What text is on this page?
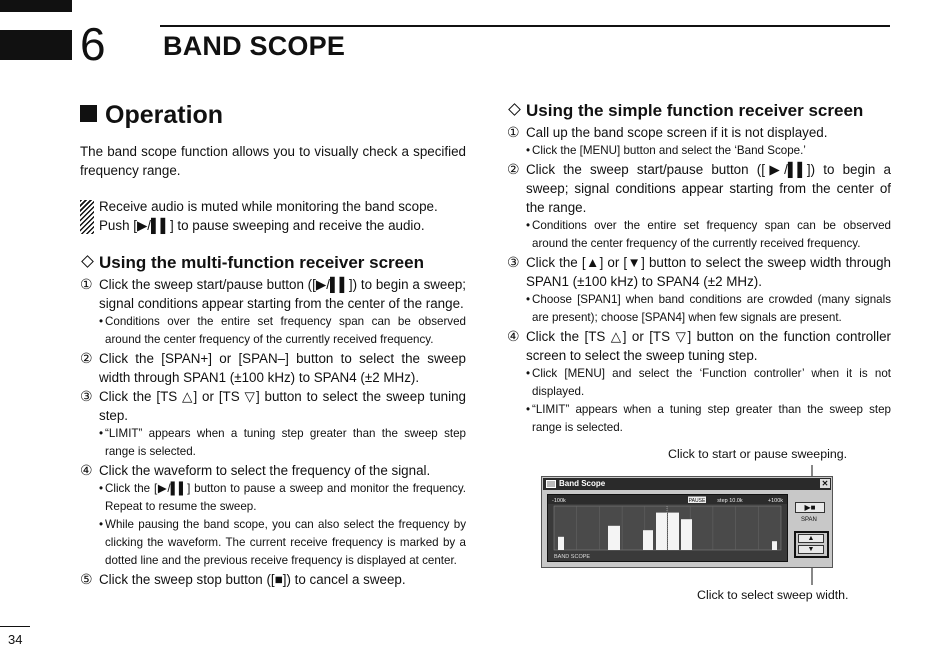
6 BAND SCOPE
Operation

The band scope function allows you to visually check a specified frequency range.

Receive audio is muted while monitoring the band scope. Push [▶/▌▌] to pause sweeping and receive the audio.
Using the multi-function receiver screen
① Click the sweep start/pause button ([▶/▌▌]) to begin a sweep; signal conditions appear starting from the center of the range.
• Conditions over the entire set frequency span can be observed around the center frequency of the currently received frequency.
② Click the [SPAN+] or [SPAN–] button to select the sweep width through SPAN1 (±100 kHz) to SPAN4 (±2 MHz).
③ Click the [TS △] or [TS ▽] button to select the sweep tuning step.
• “LIMIT” appears when a tuning step greater than the sweep step range is selected.
④ Click the waveform to select the frequency of the signal.
• Click the [▶/▌▌] button to pause a sweep and monitor the frequency. Repeat to resume the sweep.
• While pausing the band scope, you can also select the frequency by clicking the waveform. The current receive frequency is marked by a dotted line and the previous receive frequency is displayed at center.
⑤ Click the sweep stop button ([■]) to cancel a sweep.
Using the simple function receiver screen
① Call up the band scope screen if it is not displayed.
• Click the [MENU] button and select the ‘Band Scope.’
② Click the sweep start/pause button ([▶/▌▌]) to begin a sweep; signal conditions appear starting from the center of the range.
• Conditions over the entire set frequency span can be observed around the center frequency of the currently received frequency.
③ Click the [▲] or [▼] button to select the sweep width through SPAN1 (±100 kHz) to SPAN4 (±2 MHz).
• Choose [SPAN1] when band conditions are crowded (many signals are present); choose [SPAN4] when few signals are present.
④ Click the [TS △] or [TS ▽] button on the function controller screen to select the sweep tuning step.
• Click [MENU] and select the ‘Function controller’ when it is not displayed.
• “LIMIT” appears when a tuning step greater than the sweep step range is selected.
Click to start or pause sweeping.
Click to select sweep width.
Band Scope	✕
-100k	+100k
step 10.0k
PAUSE
BAND SCOPE
▶■
SPAN
▲
▼
34
